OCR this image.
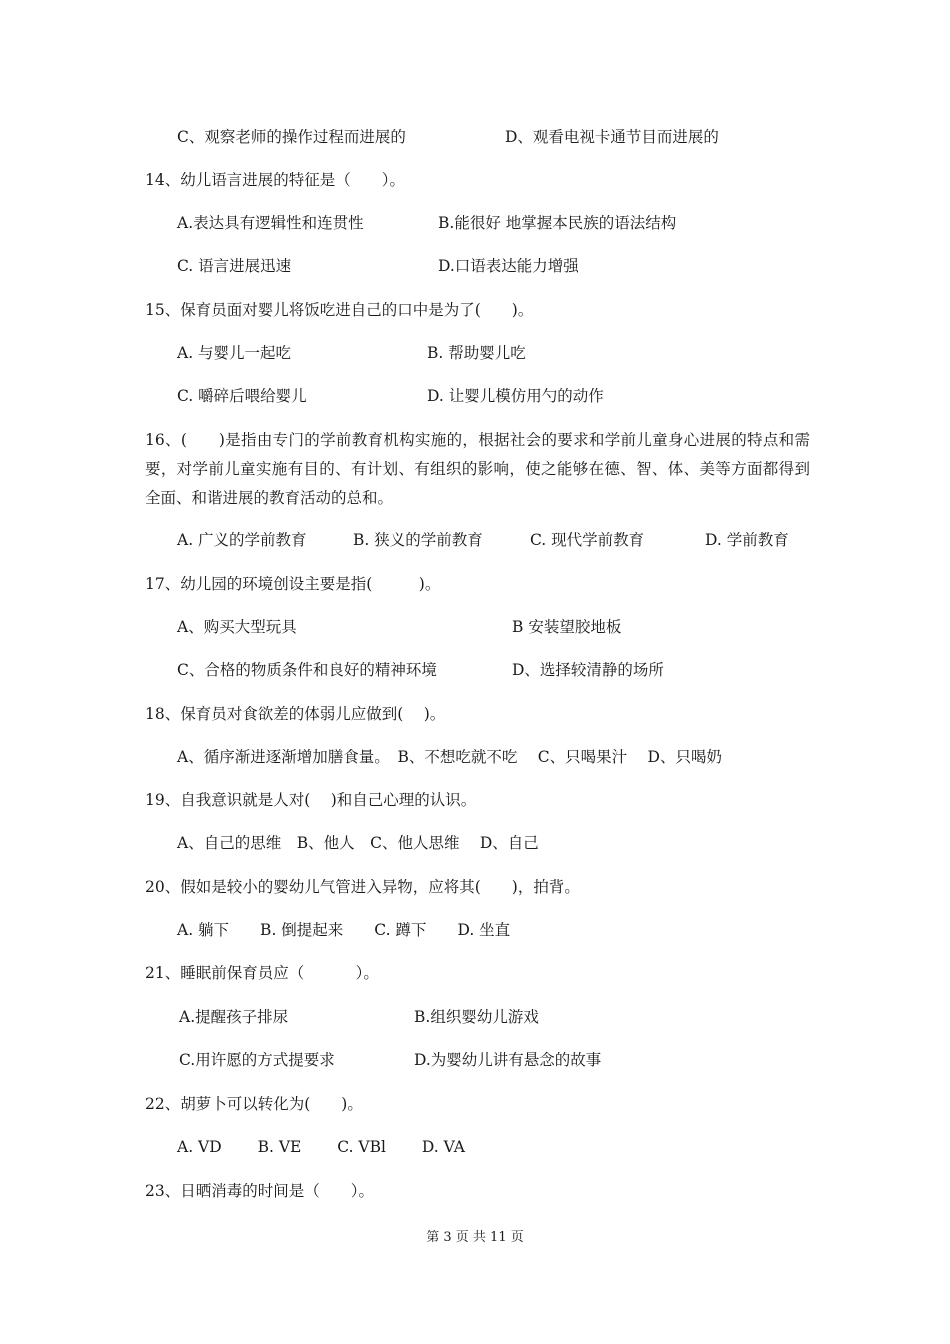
C、观察老师的操作过程而进展的	D、观看电视卡通节目而进展的
14、幼儿语言进展的特征是（　　）。
A.表达具有逻辑性和连贯性	B.能很好 地掌握本民族的语法结构
C. 语言进展迅速	D.口语表达能力增强
15、保育员面对婴儿将饭吃进自己的口中是为了(　　)。
A. 与婴儿一起吃	B. 帮助婴儿吃
C. 嚼碎后喂给婴儿	D. 让婴儿模仿用勺的动作
16、(　　)是指由专门的学前教育机构实施的，根据社会的要求和学前儿童身心进展的特点和需要，对学前儿童实施有目的、有计划、有组织的影响，使之能够在德、智、体、美等方面都得到全面、和谐进展的教育活动的总和。
A. 广义的学前教育	B. 狭义的学前教育	C. 现代学前教育	D. 学前教育
17、幼儿园的环境创设主要是指(　　　)。
A、购买大型玩具	B 安装望胶地板
C、合格的物质条件和良好的精神环境	D、选择较清静的场所
18、保育员对食欲差的体弱儿应做到(　 )。
A、循序渐进逐渐增加膳食量。　B、不想吃就不吃　 C、只喝果汁　 D、只喝奶
19、自我意识就是人对(　 )和自己心理的认识。
A、自己的思维　B、他人　C、他人思维　 D、自己
20、假如是较小的婴幼儿气管进入异物，应将其(　　)，拍背。
A. 躺下　　B. 倒提起来　　C. 蹲下　　D. 坐直
21、睡眠前保育员应（　　　 ）。
A.提醒孩子排尿	B.组织婴幼儿游戏
C.用许愿的方式提要求	D.为婴幼儿讲有悬念的故事
22、胡萝卜可以转化为(　　)。
A. VD　　 B. VE　　 C. VBl　　 D. VA
23、日晒消毒的时间是（　　）。
第 3 页 共 11 页
